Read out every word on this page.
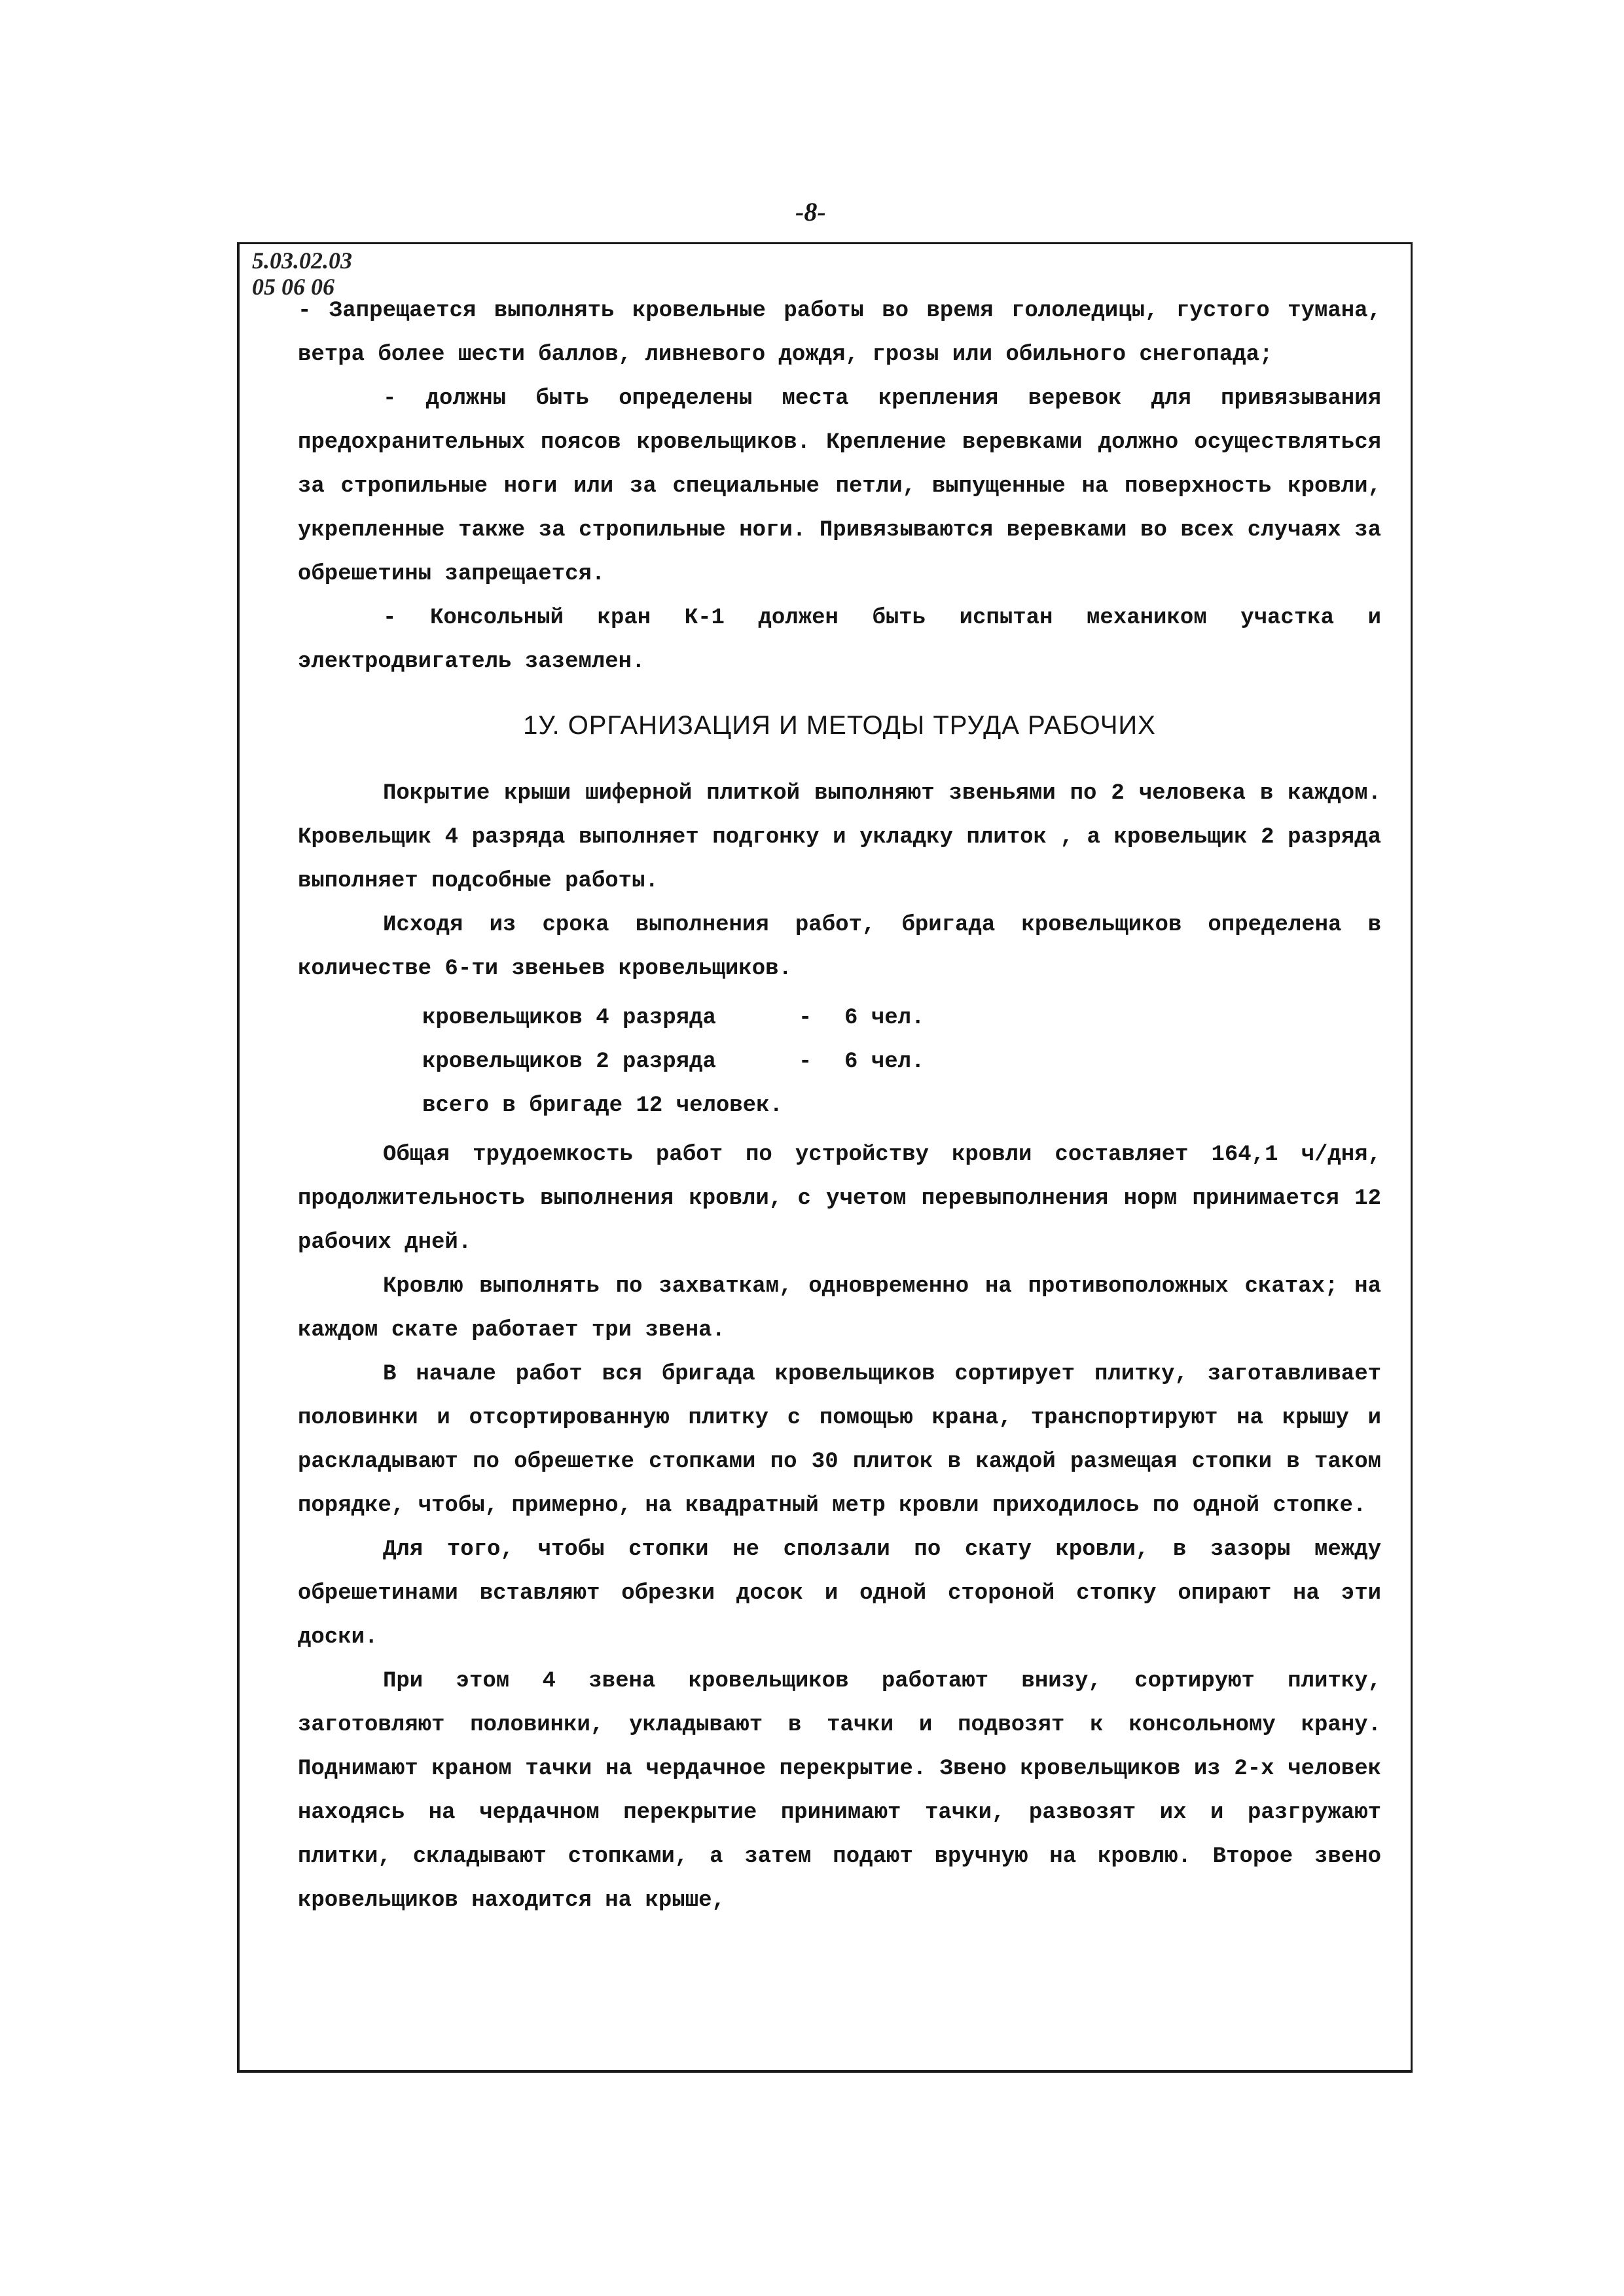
-8-
5.03.02.03
05 06 06

- Запрещается выполнять кровельные работы во время гололедицы, густого тумана, ветра более шести баллов, ливневого дождя, грозы или обильного снегопада;

- должны быть определены места крепления веревок для привязывания предохранительных поясов кровельщиков. Крепление веревками должно осуществляться за стропильные ноги или за специальные петли, выпущенные на поверхность кровли, укрепленные также за стропильные ноги. Привязываются веревками во всех случаях за обрешетины запрещается.

- Консольный кран К-1 должен быть испытан механиком участка и электродвигатель заземлен.

1У. ОРГАНИЗАЦИЯ И МЕТОДЫ ТРУДА РАБОЧИХ

Покрытие крыши шиферной плиткой выполняют звеньями по 2 человека в каждом. Кровельщик 4 разряда выполняет подгонку и укладку плиток , а кровельщик 2 разряда выполняет подсобные работы.

Исходя из срока выполнения работ, бригада кровельщиков определена в количестве 6-ти звеньев кровельщиков.

кровельщиков 4 разряда	-	6 чел.
кровельщиков 2 разряда	-	6 чел.
всего в бригаде 12 человек.

Общая трудоемкость работ по устройству кровли составляет 164,1 ч/дня, продолжительность выполнения кровли, с учетом перевыполнения норм принимается 12 рабочих дней.

Кровлю выполнять по захваткам, одновременно на противоположных скатах; на каждом скате работает три звена.

В начале работ вся бригада кровельщиков сортирует плитку, заготавливает половинки и отсортированную плитку с помощью крана, транспортируют на крышу и раскладывают по обрешетке стопками по 30 плиток в каждой размещая стопки в таком порядке, чтобы, примерно, на квадратный метр кровли приходилось по одной стопке.

Для того, чтобы стопки не сползали по скату кровли, в зазоры между обрешетинами вставляют обрезки досок и одной стороной стопку опирают на эти доски.

При этом 4 звена кровельщиков работают внизу, сортируют плитку, заготовляют половинки, укладывают в тачки и подвозят к консольному крану. Поднимают краном тачки на чердачное перекрытие. Звено кровельщиков из 2-х человек находясь на чердачном перекрытие принимают тачки, развозят их и разгружают плитки, складывают стопками, а затем подают вручную на кровлю. Второе звено кровельщиков находится на крыше,
